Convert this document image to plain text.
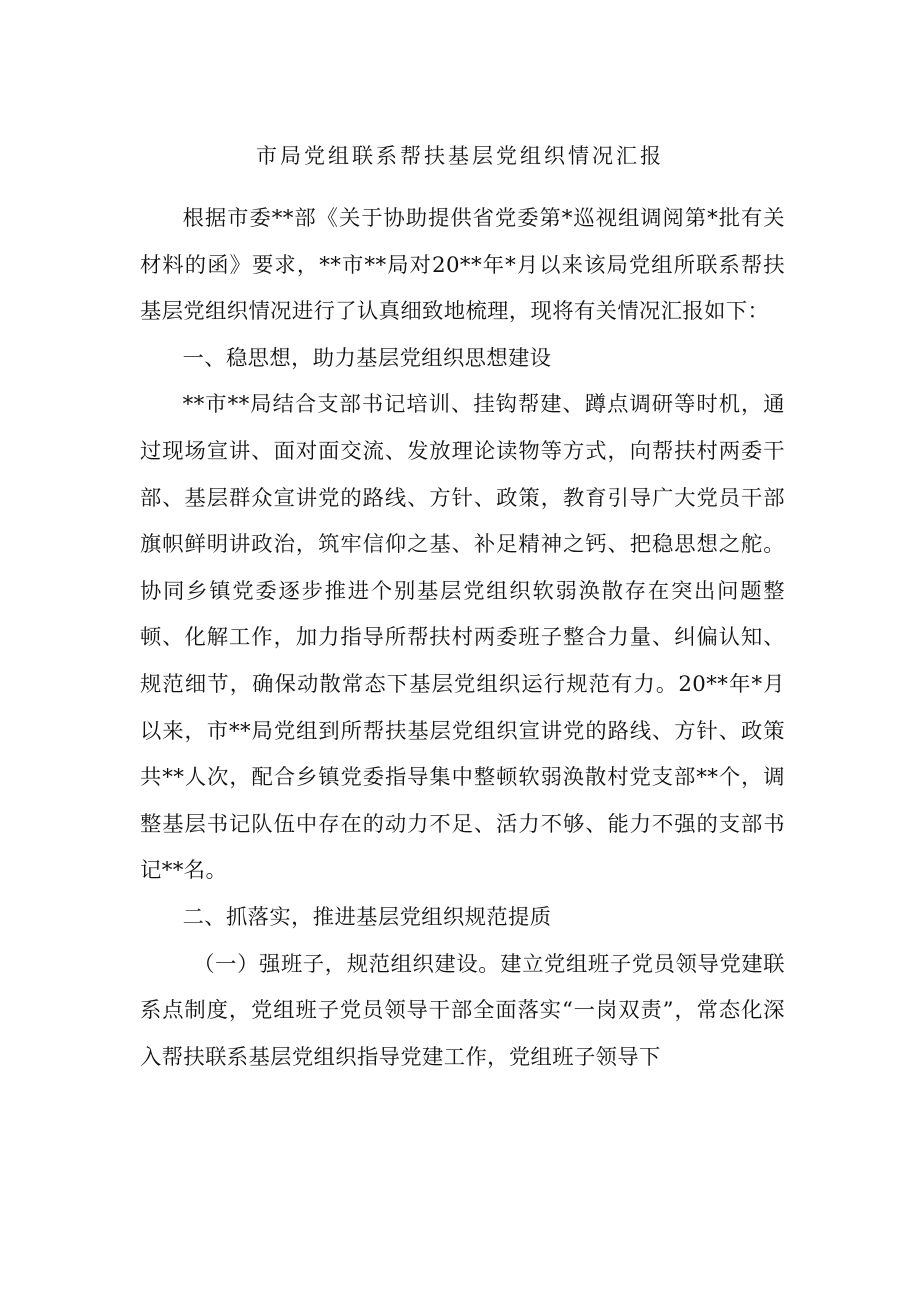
市局党组联系帮扶基层党组织情况汇报

根据市委**部《关于协助提供省党委第*巡视组调阅第*批有关材料的函》要求，**市**局对20**年*月以来该局党组所联系帮扶基层党组织情况进行了认真细致地梳理，现将有关情况汇报如下：

一、稳思想，助力基层党组织思想建设

**市**局结合支部书记培训、挂钩帮建、蹲点调研等时机，通过现场宣讲、面对面交流、发放理论读物等方式，向帮扶村两委干部、基层群众宣讲党的路线、方针、政策，教育引导广大党员干部旗帜鲜明讲政治，筑牢信仰之基、补足精神之钙、把稳思想之舵。协同乡镇党委逐步推进个别基层党组织软弱涣散存在突出问题整顿、化解工作，加力指导所帮扶村两委班子整合力量、纠偏认知、规范细节，确保动散常态下基层党组织运行规范有力。20**年*月以来，市**局党组到所帮扶基层党组织宣讲党的路线、方针、政策共**人次，配合乡镇党委指导集中整顿软弱涣散村党支部**个，调整基层书记队伍中存在的动力不足、活力不够、能力不强的支部书记**名。

二、抓落实，推进基层党组织规范提质

（一）强班子，规范组织建设。建立党组班子党员领导党建联系点制度，党组班子党员领导干部全面落实“一岗双责”，常态化深入帮扶联系基层党组织指导党建工作，党组班子领导下
